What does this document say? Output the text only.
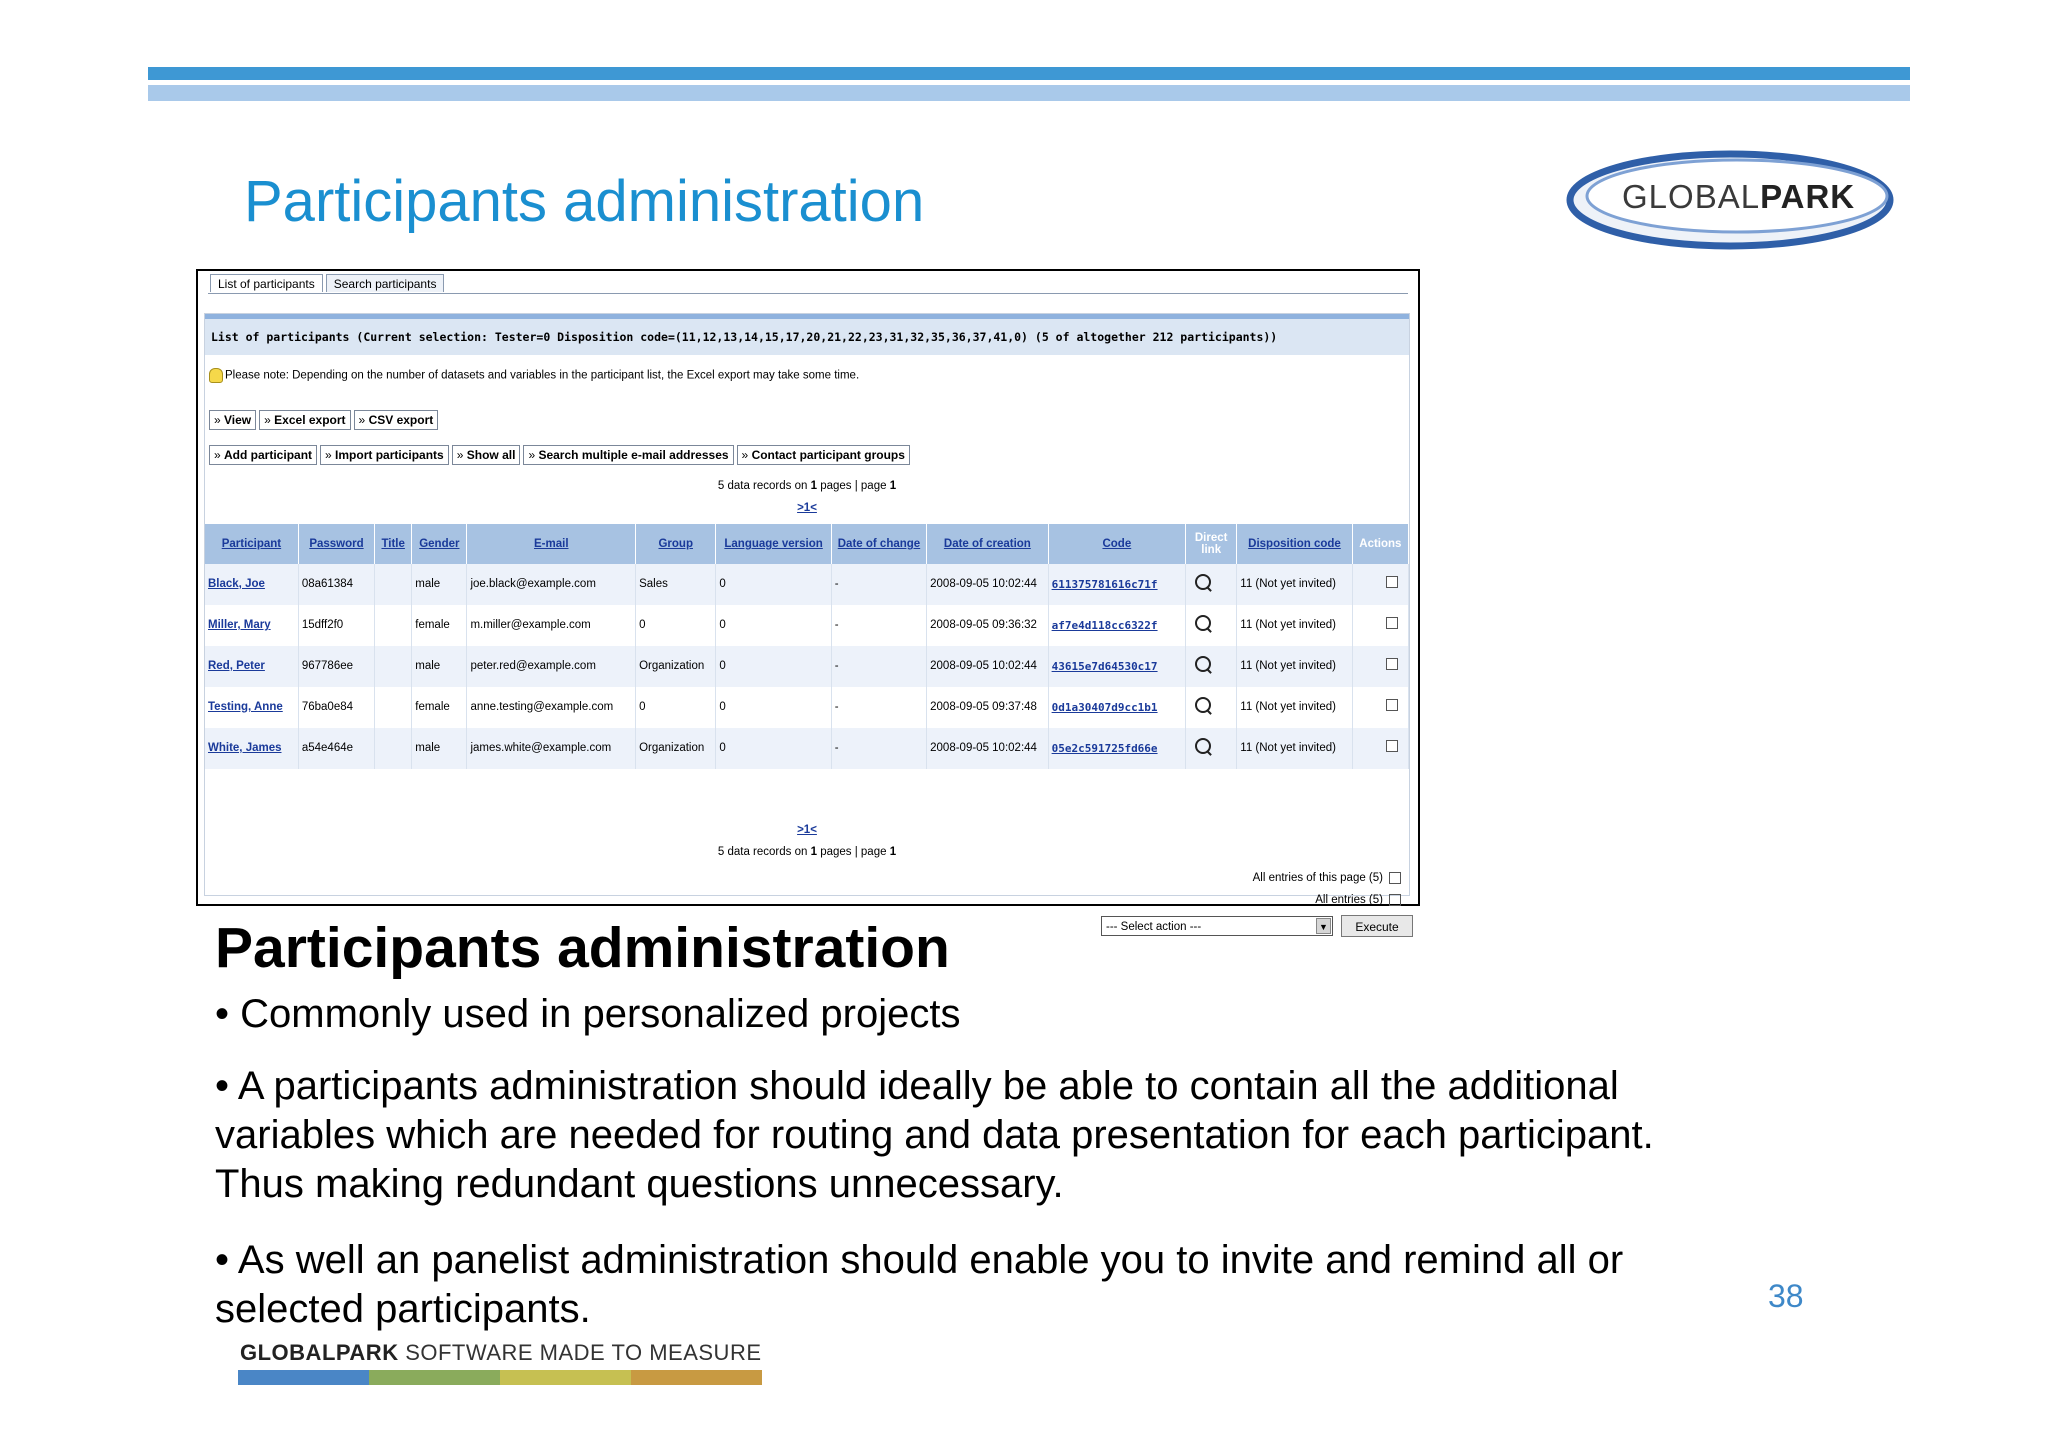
Participants administration	GLOBALPARK
List of participants	Search participants
List of participants (Current selection: Tester=0 Disposition code=(11,12,13,14,15,17,20,21,22,23,31,32,35,36,37,41,0) (5 of altogether 212 participants))
Please note: Depending on the number of datasets and variables in the participant list, the Excel export may take some time.
» View	» Excel export	» CSV export
» Add participant	» Import participants	» Show all	» Search multiple e-mail addresses	» Contact participant groups
5 data records on 1 pages | page 1
>1<
Participant	Password	Title	Gender	E-mail	Group	Language version	Date of change	Date of creation	Code	Direct link	Disposition code	Actions
Black, Joe	08a61384		male	joe.black@example.com	Sales	0	-	2008-09-05 10:02:44	611375781616c71f		11 (Not yet invited)	
Miller, Mary	15dff2f0		female	m.miller@example.com	0	0	-	2008-09-05 09:36:32	af7e4d118cc6322f		11 (Not yet invited)	
Red, Peter	967786ee		male	peter.red@example.com	Organization	0	-	2008-09-05 10:02:44	43615e7d64530c17		11 (Not yet invited)	
Testing, Anne	76ba0e84		female	anne.testing@example.com	0	0	-	2008-09-05 09:37:48	0d1a30407d9cc1b1		11 (Not yet invited)	
White, James	a54e464e		male	james.white@example.com	Organization	0	-	2008-09-05 10:02:44	05e2c591725fd66e		11 (Not yet invited)	
>1<
5 data records on 1 pages | page 1
All entries of this page (5)
All entries (5)
--- Select action ---	▼	Execute
Participants administration
• Commonly used in personalized projects
• A participants administration should ideally be able to contain all the additional variables which are needed for routing and data presentation for each participant. Thus making redundant questions unnecessary.
• As well an panelist administration should enable you to invite and remind all or selected participants.	38
GLOBALPARK SOFTWARE MADE TO MEASURE
